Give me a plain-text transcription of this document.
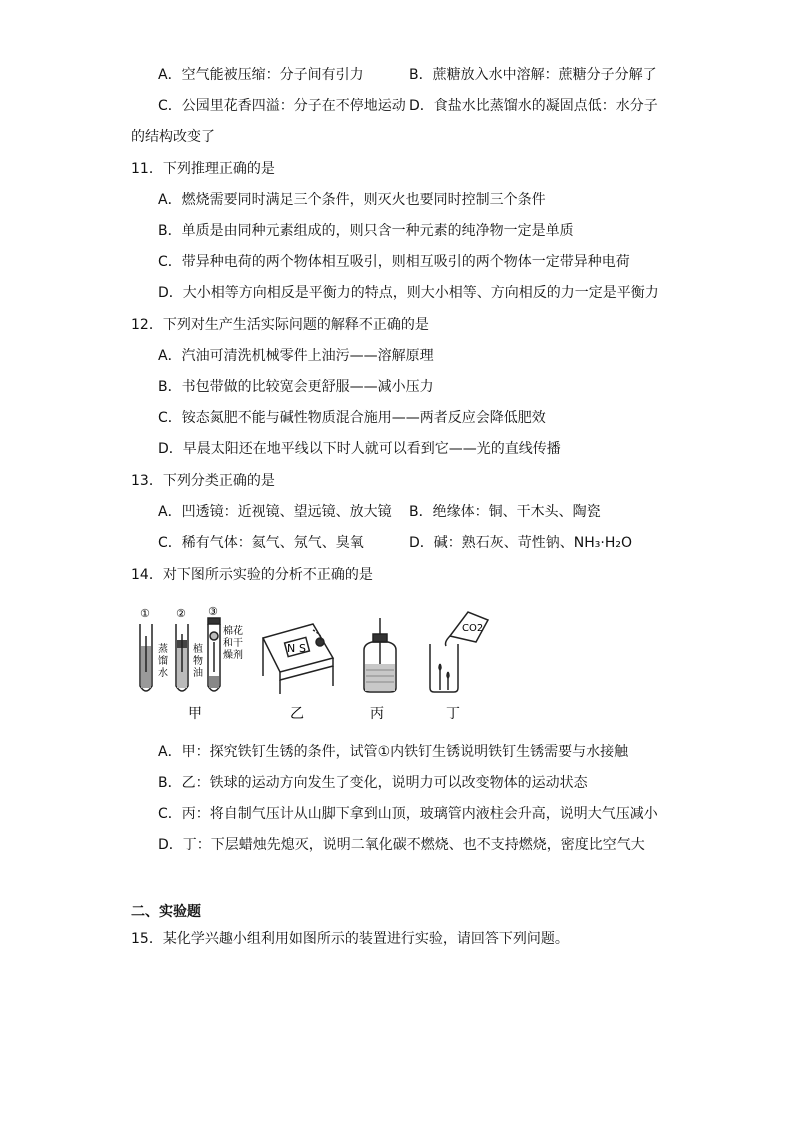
A．空气能被压缩：分子间有引力	B．蔗糖放入水中溶解：蔗糖分子分解了
C．公园里花香四溢：分子在不停地运动 D．食盐水比蒸馏水的凝固点低：水分子
的结构改变了
11．下列推理正确的是
A．燃烧需要同时满足三个条件，则灭火也要同时控制三个条件
B．单质是由同种元素组成的，则只含一种元素的纯净物一定是单质
C．带异种电荷的两个物体相互吸引，则相互吸引的两个物体一定带异种电荷
D．大小相等方向相反是平衡力的特点，则大小相等、方向相反的力一定是平衡力
12．下列对生产生活实际问题的解释不正确的是
A．汽油可清洗机械零件上油污——溶解原理
B．书包带做的比较宽会更舒服——减小压力
C．铵态氮肥不能与碱性物质混合施用——两者反应会降低肥效
D．早晨太阳还在地平线以下时人就可以看到它——光的直线传播
13．下列分类正确的是
A．凹透镜：近视镜、望远镜、放大镜 B．绝缘体：铜、干木头、陶瓷
C．稀有气体：氦气、氖气、臭氧	D．碱：熟石灰、苛性钠、NH₃·H₂O
14．对下图所示实验的分析不正确的是
① ② ③
蒸
馏
水
植
物
油
棉花
和干
燥剂
N S
CO2
甲	乙	丙	丁
A．甲：探究铁钉生锈的条件，试管①内铁钉生锈说明铁钉生锈需要与水接触
B．乙：铁球的运动方向发生了变化，说明力可以改变物体的运动状态
C．丙：将自制气压计从山脚下拿到山顶，玻璃管内液柱会升高，说明大气压减小
D．丁：下层蜡烛先熄灭，说明二氧化碳不燃烧、也不支持燃烧，密度比空气大
二、实验题
15．某化学兴趣小组利用如图所示的装置进行实验，请回答下列问题。
